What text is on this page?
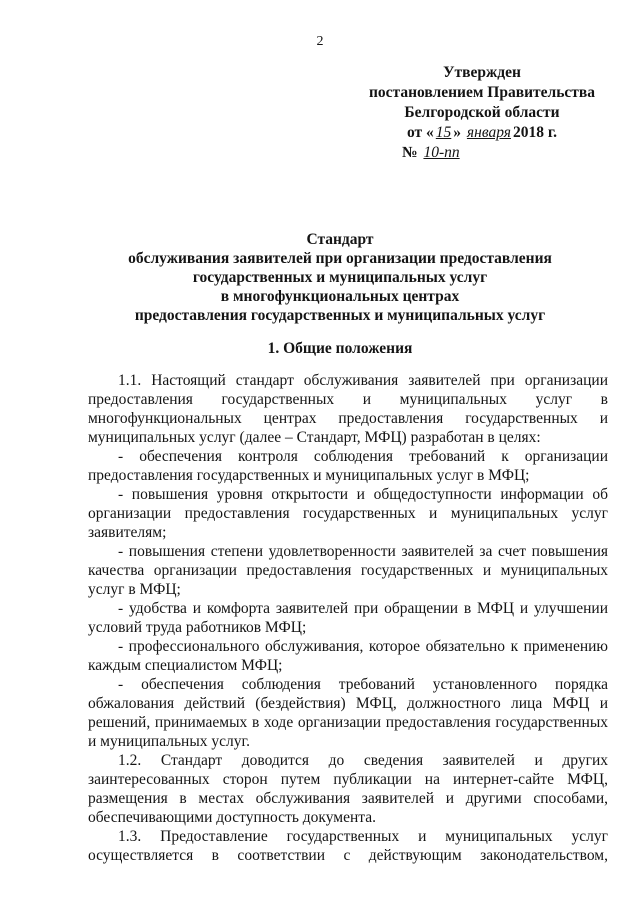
2
Утвержден
постановлением Правительства
Белгородской области
от « 15 » января 2018 г.
№ 10-пп
Стандарт
обслуживания заявителей при организации предоставления
государственных и муниципальных услуг
в многофункциональных центрах
предоставления государственных и муниципальных услуг
1. Общие положения

1.1. Настоящий стандарт обслуживания заявителей при организации предоставления государственных и муниципальных услуг в многофункциональных центрах предоставления государственных и муниципальных услуг (далее – Стандарт, МФЦ) разработан в целях:

- обеспечения контроля соблюдения требований к организации предоставления государственных и муниципальных услуг в МФЦ;

- повышения уровня открытости и общедоступности информации об организации предоставления государственных и муниципальных услуг заявителям;

- повышения степени удовлетворенности заявителей за счет повышения качества организации предоставления государственных и муниципальных услуг в МФЦ;

- удобства и комфорта заявителей при обращении в МФЦ и улучшении условий труда работников МФЦ;

- профессионального обслуживания, которое обязательно к применению каждым специалистом МФЦ;

- обеспечения соблюдения требований установленного порядка обжалования действий (бездействия) МФЦ, должностного лица МФЦ и решений, принимаемых в ходе организации предоставления государственных и муниципальных услуг.

1.2. Стандарт доводится до сведения заявителей и других заинтересованных сторон путем публикации на интернет-сайте МФЦ, размещения в местах обслуживания заявителей и другими способами, обеспечивающими доступность документа.

1.3. Предоставление государственных и муниципальных услуг осуществляется в соответствии с действующим законодательством,
